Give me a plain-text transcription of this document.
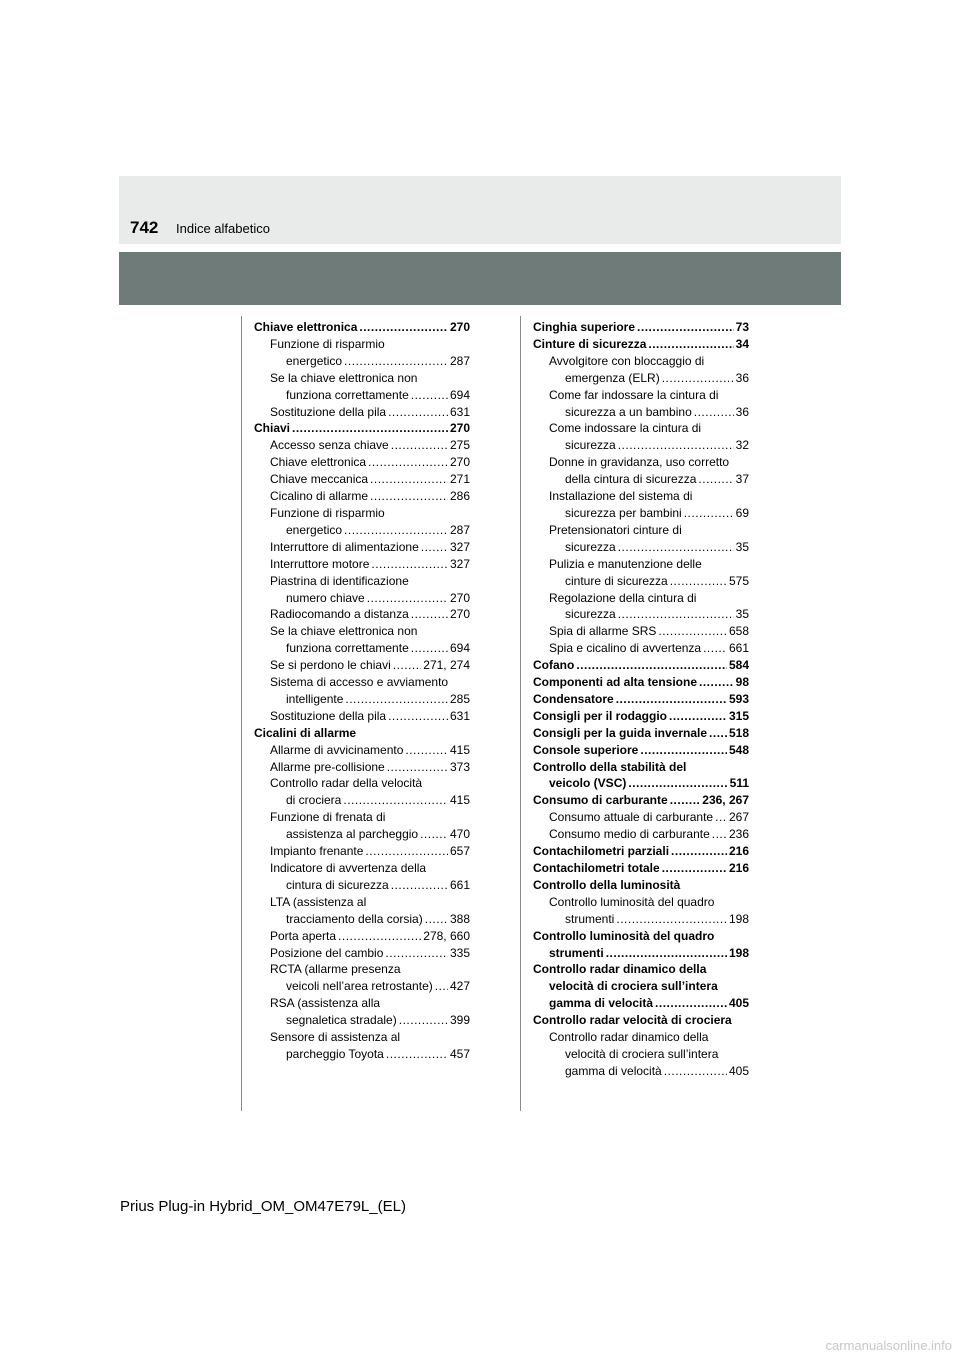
742 Indice alfabetico
Chiave elettronica .....	270
Funzione di risparmio
energetico .....	287
Se la chiave elettronica non
funziona correttamente .....	694
Sostituzione della pila .....	631
Chiavi .....	270
Accesso senza chiave .....	275
Chiave elettronica .....	270
Chiave meccanica .....	271
Cicalino di allarme .....	286
Funzione di risparmio
energetico .....	287
Interruttore di alimentazione .....	327
Interruttore motore .....	327
Piastrina di identificazione
numero chiave .....	270
Radiocomando a distanza .....	270
Se la chiave elettronica non
funziona correttamente .....	694
Se si perdono le chiavi .....	271, 274
Sistema di accesso e avviamento
intelligente .....	285
Sostituzione della pila .....	631
Cicalini di allarme
Allarme di avvicinamento .....	415
Allarme pre-collisione .....	373
Controllo radar della velocità
di crociera .....	415
Funzione di frenata di
assistenza al parcheggio .....	470
Impianto frenante .....	657
Indicatore di avvertenza della
cintura di sicurezza .....	661
LTA (assistenza al
tracciamento della corsia) ..... 388
Porta aperta .....	278, 660
Posizione del cambio .....	335
RCTA (allarme presenza
veicoli nell’area retrostante) ..... 427
RSA (assistenza alla
segnaletica stradale) .....	399
Sensore di assistenza al
parcheggio Toyota .....	457
Cinghia superiore .....	73
Cinture di sicurezza .....	34
Avvolgitore con bloccaggio di
emergenza (ELR) .....	36
Come far indossare la cintura di
sicurezza a un bambino .....	36
Come indossare la cintura di
sicurezza .....	32
Donne in gravidanza, uso corretto
della cintura di sicurezza .....	37
Installazione del sistema di
sicurezza per bambini .....	69
Pretensionatori cinture di
sicurezza .....	35
Pulizia e manutenzione delle
cinture di sicurezza .....	575
Regolazione della cintura di
sicurezza .....	35
Spia di allarme SRS .....	658
Spia e cicalino di avvertenza ..... 661
Cofano .....	584
Componenti ad alta tensione .....	98
Condensatore .....	593
Consigli per il rodaggio .....	315
Consigli per la guida invernale ..... 518
Console superiore .....	548
Controllo della stabilità del
veicolo (VSC) .....	511
Consumo di carburante .....	236, 267
Consumo attuale di carburante ..... 267
Consumo medio di carburante ..... 236
Contachilometri parziali .....	216
Contachilometri totale .....	216
Controllo della luminosità
Controllo luminosità del quadro
strumenti .....	198
Controllo luminosità del quadro
strumenti .....	198
Controllo radar dinamico della
velocità di crociera sull’intera
gamma di velocità .....	405
Controllo radar velocità di crociera
Controllo radar dinamico della
velocità di crociera sull’intera
gamma di velocità .....	405
Prius Plug-in Hybrid_OM_OM47E79L_(EL)
carmanualsonline.info
